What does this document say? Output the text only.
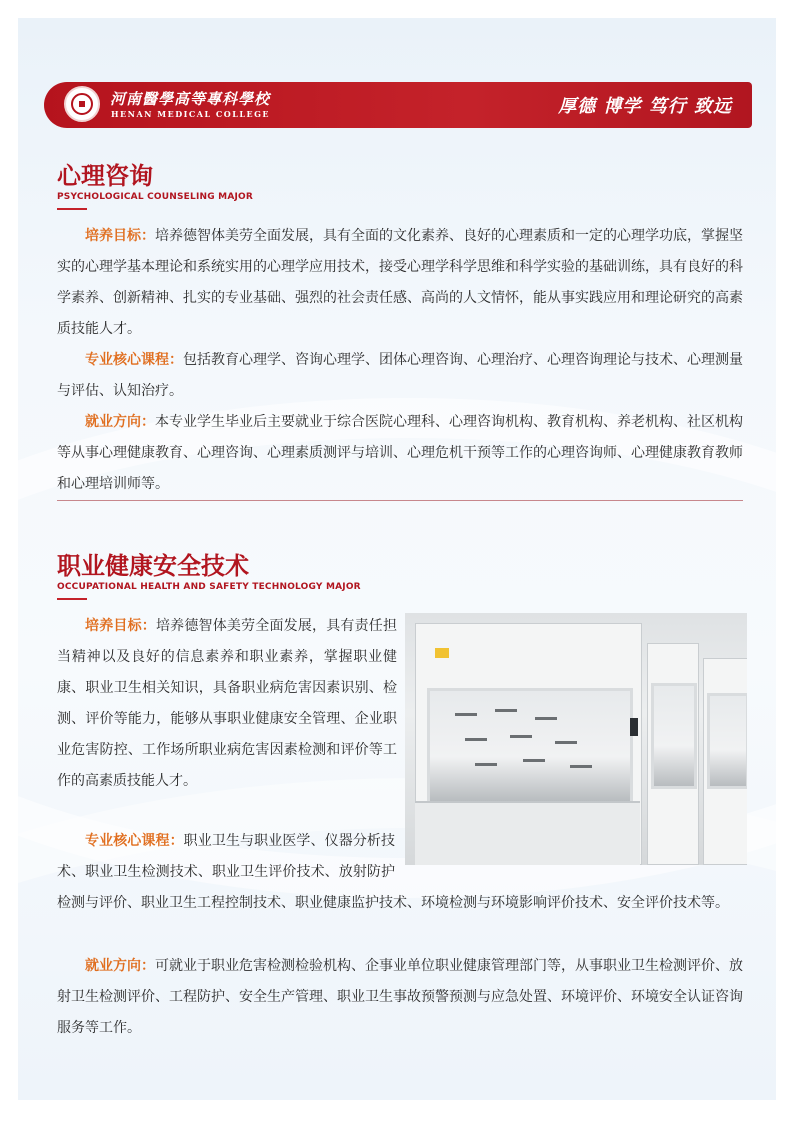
河南醫學高等專科學校
HENAN MEDICAL COLLEGE	厚德 博学 笃行 致远
心理咨询
PSYCHOLOGICAL COUNSELING MAJOR

培养目标：培养德智体美劳全面发展，具有全面的文化素养、良好的心理素质和一定的心理学功底，掌握坚实的心理学基本理论和系统实用的心理学应用技术，接受心理学科学思维和科学实验的基础训练，具有良好的科学素养、创新精神、扎实的专业基础、强烈的社会责任感、高尚的人文情怀，能从事实践应用和理论研究的高素质技能人才。

专业核心课程：包括教育心理学、咨询心理学、团体心理咨询、心理治疗、心理咨询理论与技术、心理测量与评估、认知治疗。

就业方向：本专业学生毕业后主要就业于综合医院心理科、心理咨询机构、教育机构、养老机构、社区机构等从事心理健康教育、心理咨询、心理素质测评与培训、心理危机干预等工作的心理咨询师、心理健康教育教师和心理培训师等。

职业健康安全技术
OCCUPATIONAL HEALTH AND SAFETY TECHNOLOGY MAJOR

培养目标：培养德智体美劳全面发展，具有责任担当精神以及良好的信息素养和职业素养，掌握职业健康、职业卫生相关知识，具备职业病危害因素识别、检测、评价等能力，能够从事职业健康安全管理、企业职业危害防控、工作场所职业病危害因素检测和评价等工作的高素质技能人才。

专业核心课程：职业卫生与职业医学、仪器分析技术、职业卫生检测技术、职业卫生评价技术、放射防护检测与评价、职业卫生工程控制技术、职业健康监护技术、环境检测与环境影响评价技术、安全评价技术等。

就业方向：可就业于职业危害检测检验机构、企事业单位职业健康管理部门等，从事职业卫生检测评价、放射卫生检测评价、工程防护、安全生产管理、职业卫生事故预警预测与应急处置、环境评价、环境安全认证咨询服务等工作。
